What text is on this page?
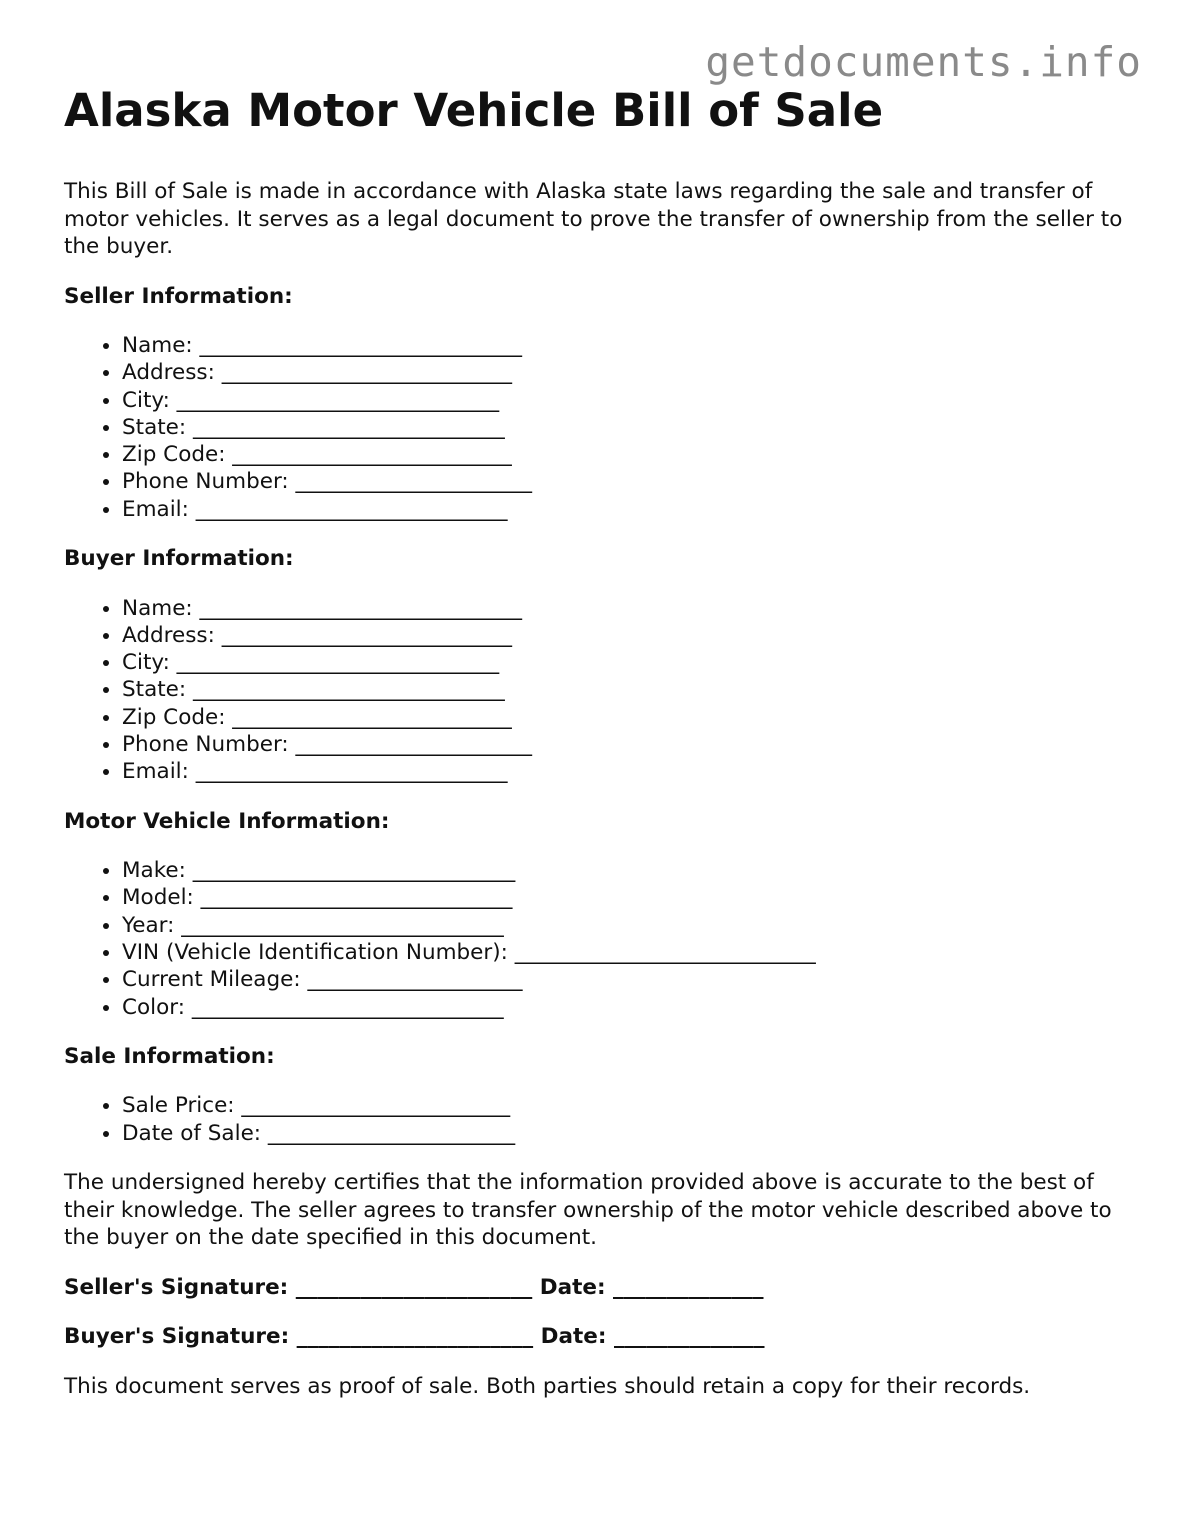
getdocuments.info
Alaska Motor Vehicle Bill of Sale

This Bill of Sale is made in accordance with Alaska state laws regarding the sale and transfer of motor vehicles. It serves as a legal document to prove the transfer of ownership from the seller to the buyer.

Seller Information:
• Name: ______________________________
• Address: ___________________________
• City: ______________________________
• State: _____________________________
• Zip Code: __________________________
• Phone Number: ______________________
• Email: _____________________________
Buyer Information:
• Name: ______________________________
• Address: ___________________________
• City: ______________________________
• State: _____________________________
• Zip Code: __________________________
• Phone Number: ______________________
• Email: _____________________________
Motor Vehicle Information:
• Make: ______________________________
• Model: _____________________________
• Year: ______________________________
• VIN (Vehicle Identification Number): ____________________________
• Current Mileage: ____________________
• Color: _____________________________
Sale Information:
• Sale Price: _________________________
• Date of Sale: _______________________

The undersigned hereby certifies that the information provided above is accurate to the best of their knowledge. The seller agrees to transfer ownership of the motor vehicle described above to the buyer on the date specified in this document.

Seller's Signature: ______________________ Date: ______________

Buyer's Signature: ______________________ Date: ______________

This document serves as proof of sale. Both parties should retain a copy for their records.
